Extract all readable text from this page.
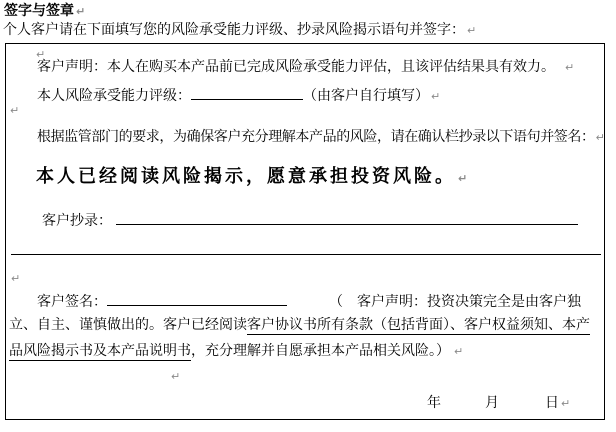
签字与签章 ↵
个人客户请在下面填写您的风险承受能力评级、抄录风险揭示语句并签字： ↵
↵
客户声明：本人在购买本产品前已完成风险承受能力评估，且该评估结果具有效力。 ↵
本人风险承受能力评级：	（由客户自行填写） ↵
↵
根据监管部门的要求，为确保客户充分理解本产品的风险，请在确认栏抄录以下语句并签名：↵
本人已经阅读风险揭示，愿意承担投资风险。 ↵
客户抄录：
↵
客户签名：	（　客户声明：投资决策完全是由客户独
立、自主、谨慎做出的。客户已经阅读客户协议书所有条款（包括背面）、客户权益须知、本产
品风险揭示书及本产品说明书，充分理解并自愿承担本产品相关风险。） ↵
↵
年	月	日 ↵
